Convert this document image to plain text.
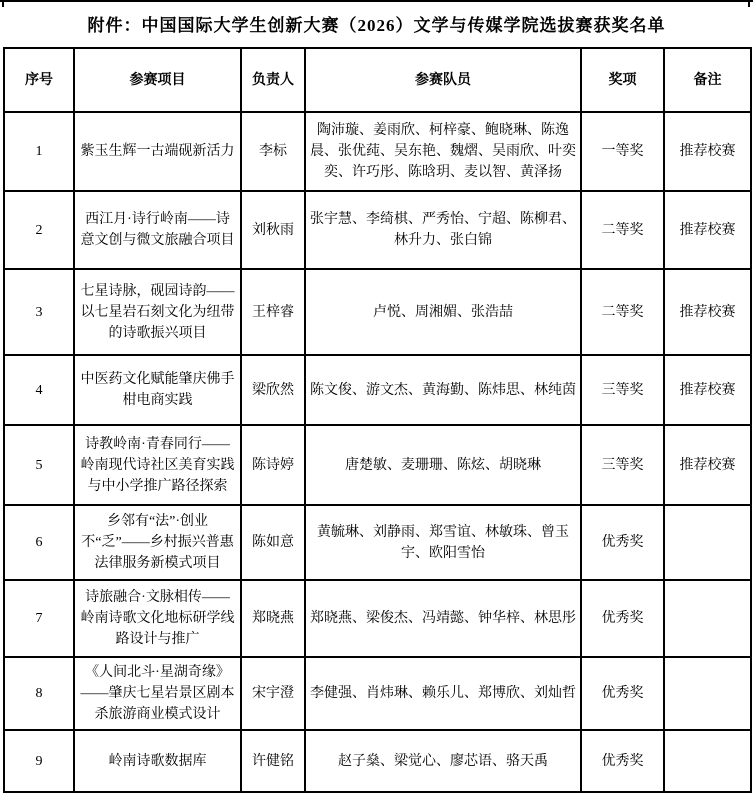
附件：中国国际大学生创新大赛（2026）文学与传媒学院选拔赛获奖名单
序号	参赛项目	负责人	参赛队员	奖项	备注
1	紫玉生辉一古端砚新活力	李标	陶沛璇、姜雨欣、柯梓豪、鲍晓琳、陈逸晨、张优莼、吴东艳、魏熠、吴雨欣、叶奕奕、许巧彤、陈晗玥、麦以智、黄泽扬	一等奖	推荐校赛
2	西江月·诗行岭南——诗意文创与微文旅融合项目	刘秋雨	张宇慧、李绮棋、严秀怡、宁超、陈柳君、林升力、张白锦	二等奖	推荐校赛
3	七星诗脉，砚园诗韵——以七星岩石刻文化为纽带的诗歌振兴项目	王梓睿	卢悦、周湘媚、张浩喆	二等奖	推荐校赛
4	中医药文化赋能肇庆佛手柑电商实践	梁欣然	陈文俊、游文杰、黄海勤、陈炜思、林纯茵	三等奖	推荐校赛
5	诗教岭南·青春同行——岭南现代诗社区美育实践与中小学推广路径探索	陈诗婷	唐楚敏、麦珊珊、陈炫、胡晓琳	三等奖	推荐校赛
6	乡邻有“法”·创业不“乏”——乡村振兴普惠法律服务新模式项目	陈如意	黄毓琳、刘静雨、郑雪谊、林敏珠、曾玉宇、欧阳雪怡	优秀奖	
7	诗旅融合·文脉相传——岭南诗歌文化地标研学线路设计与推广	郑晓燕	郑晓燕、梁俊杰、冯靖懿、钟华梓、林思彤	优秀奖	
8	《人间北斗·星湖奇缘》——肇庆七星岩景区剧本杀旅游商业模式设计	宋宇澄	李健强、肖炜琳、赖乐儿、郑博欣、刘灿哲	优秀奖	
9	岭南诗歌数据库	许健铭	赵子燊、梁觉心、廖芯语、骆天禹	优秀奖	
